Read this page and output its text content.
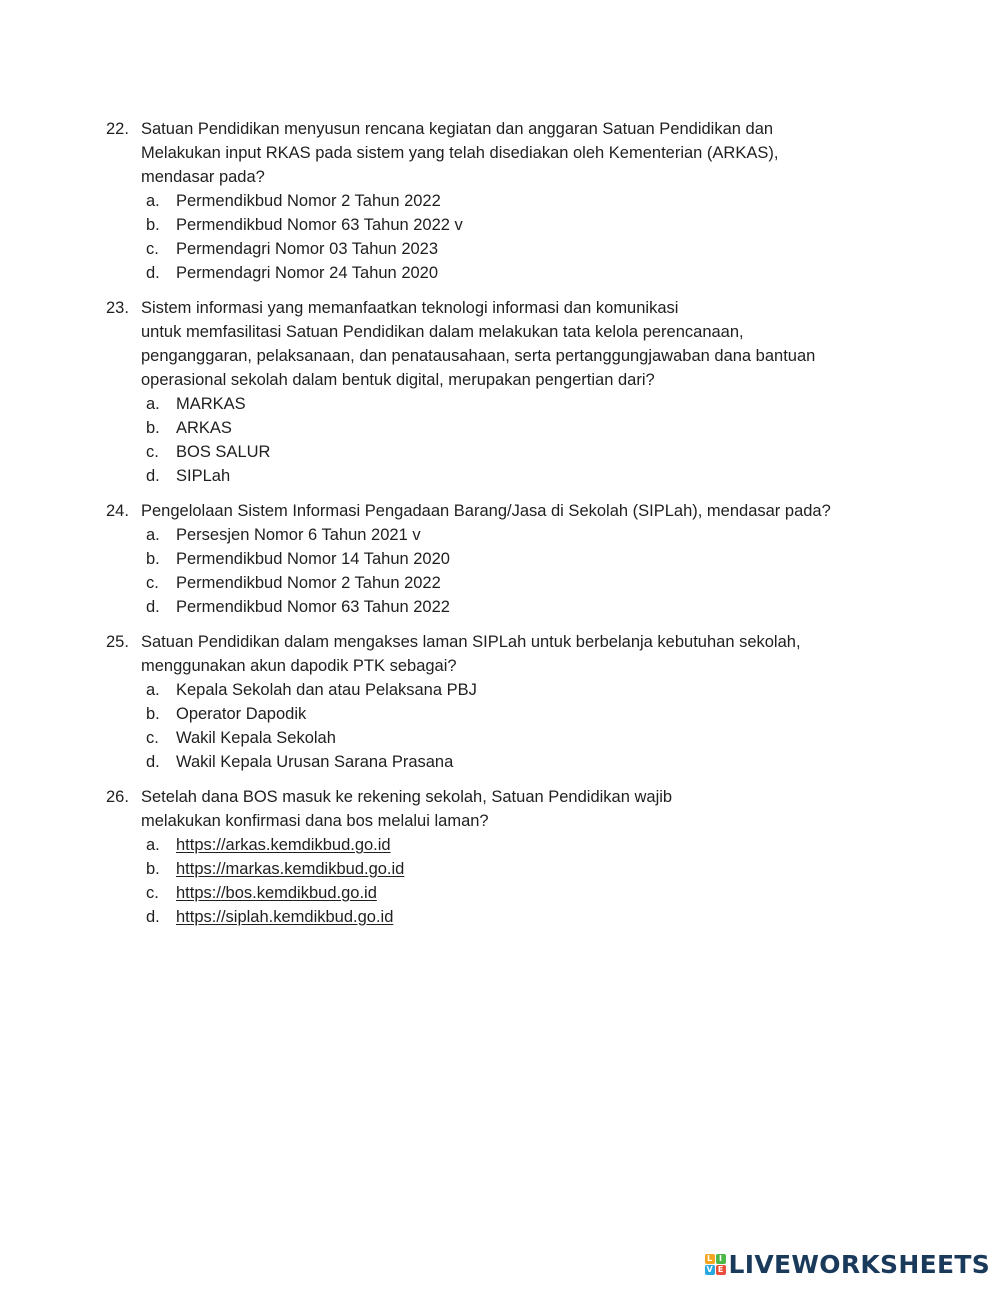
22. Satuan Pendidikan menyusun rencana kegiatan dan anggaran Satuan Pendidikan dan
Melakukan input RKAS pada sistem yang telah disediakan oleh Kementerian (ARKAS),
mendasar pada?
a. Permendikbud Nomor 2 Tahun 2022
b. Permendikbud Nomor 63 Tahun 2022 v
c. Permendagri Nomor 03 Tahun 2023
d. Permendagri Nomor 24 Tahun 2020
23. Sistem informasi yang memanfaatkan teknologi informasi dan komunikasi
untuk memfasilitasi Satuan Pendidikan dalam melakukan tata kelola perencanaan,
penganggaran, pelaksanaan, dan penatausahaan, serta pertanggungjawaban dana bantuan
operasional sekolah dalam bentuk digital, merupakan pengertian dari?
a. MARKAS
b. ARKAS
c. BOS SALUR
d. SIPLah
24. Pengelolaan Sistem Informasi Pengadaan Barang/Jasa di Sekolah (SIPLah), mendasar pada?
a. Persesjen Nomor 6 Tahun 2021 v
b. Permendikbud Nomor 14 Tahun 2020
c. Permendikbud Nomor 2 Tahun 2022
d. Permendikbud Nomor 63 Tahun 2022
25. Satuan Pendidikan dalam mengakses laman SIPLah untuk berbelanja kebutuhan sekolah,
menggunakan akun dapodik PTK sebagai?
a. Kepala Sekolah dan atau Pelaksana PBJ
b. Operator Dapodik
c. Wakil Kepala Sekolah
d. Wakil Kepala Urusan Sarana Prasana
26. Setelah dana BOS masuk ke rekening sekolah, Satuan Pendidikan wajib
melakukan konfirmasi dana bos melalui laman?
a. https://arkas.kemdikbud.go.id
b. https://markas.kemdikbud.go.id
c. https://bos.kemdikbud.go.id
d. https://siplah.kemdikbud.go.id
L I
V E LIVEWORKSHEETS
